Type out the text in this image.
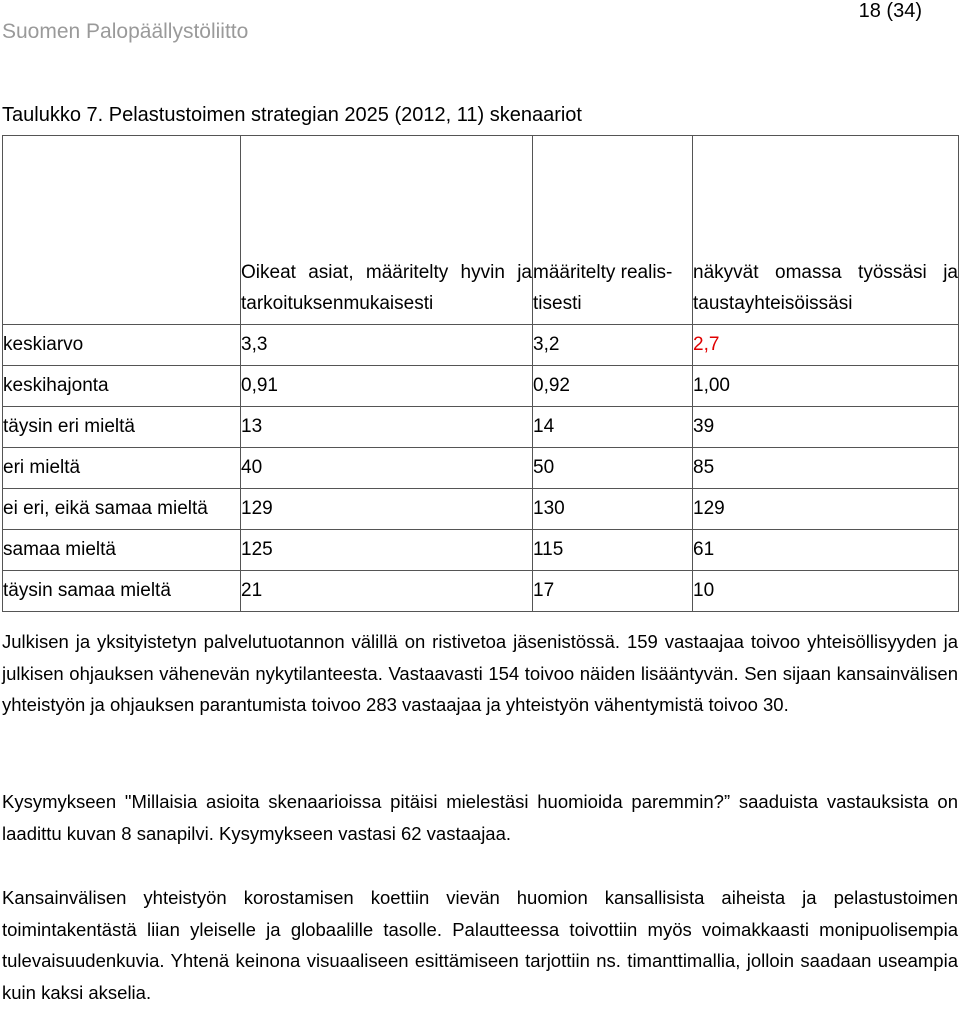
Suomen Palopäällystöliitto
18 (34)
Taulukko 7. Pelastustoimen strategian 2025 (2012, 11) skenaariot

	Oikeat asiat, määritelty hyvin ja tarkoituksenmukaisesti	määritelty realis-tisesti	näkyvät omassa työssäsi ja taustayhteisöissäsi

keskiarvo	3,3	3,2	2,7
keskihajonta	0,91	0,92	1,00
täysin eri mieltä	13	14	39
eri mieltä	40	50	85
ei eri, eikä samaa mieltä	129	130	129
samaa mieltä	125	115	61
täysin samaa mieltä	21	17	10

Julkisen ja yksityistetyn palvelutuotannon välillä on ristivetoa jäsenistössä. 159 vastaajaa toivoo yhteisöllisyyden ja julkisen ohjauksen vähenevän nykytilanteesta. Vastaavasti 154 toivoo näiden lisääntyvän. Sen sijaan kansainvälisen yhteistyön ja ohjauksen parantumista toivoo 283 vastaajaa ja yhteistyön vähentymistä toivoo 30.

Kysymykseen "Millaisia asioita skenaarioissa pitäisi mielestäsi huomioida paremmin?” saaduista vastauksista on laadittu kuvan 8 sanapilvi. Kysymykseen vastasi 62 vastaajaa.

Kansainvälisen yhteistyön korostamisen koettiin vievän huomion kansallisista aiheista ja pelastustoimen toimintakentästä liian yleiselle ja globaalille tasolle. Palautteessa toivottiin myös voimakkaasti monipuolisempia tulevaisuudenkuvia. Yhtenä keinona visuaaliseen esittämiseen tarjottiin ns. timanttimallia, jolloin saadaan useampia kuin kaksi akselia.
